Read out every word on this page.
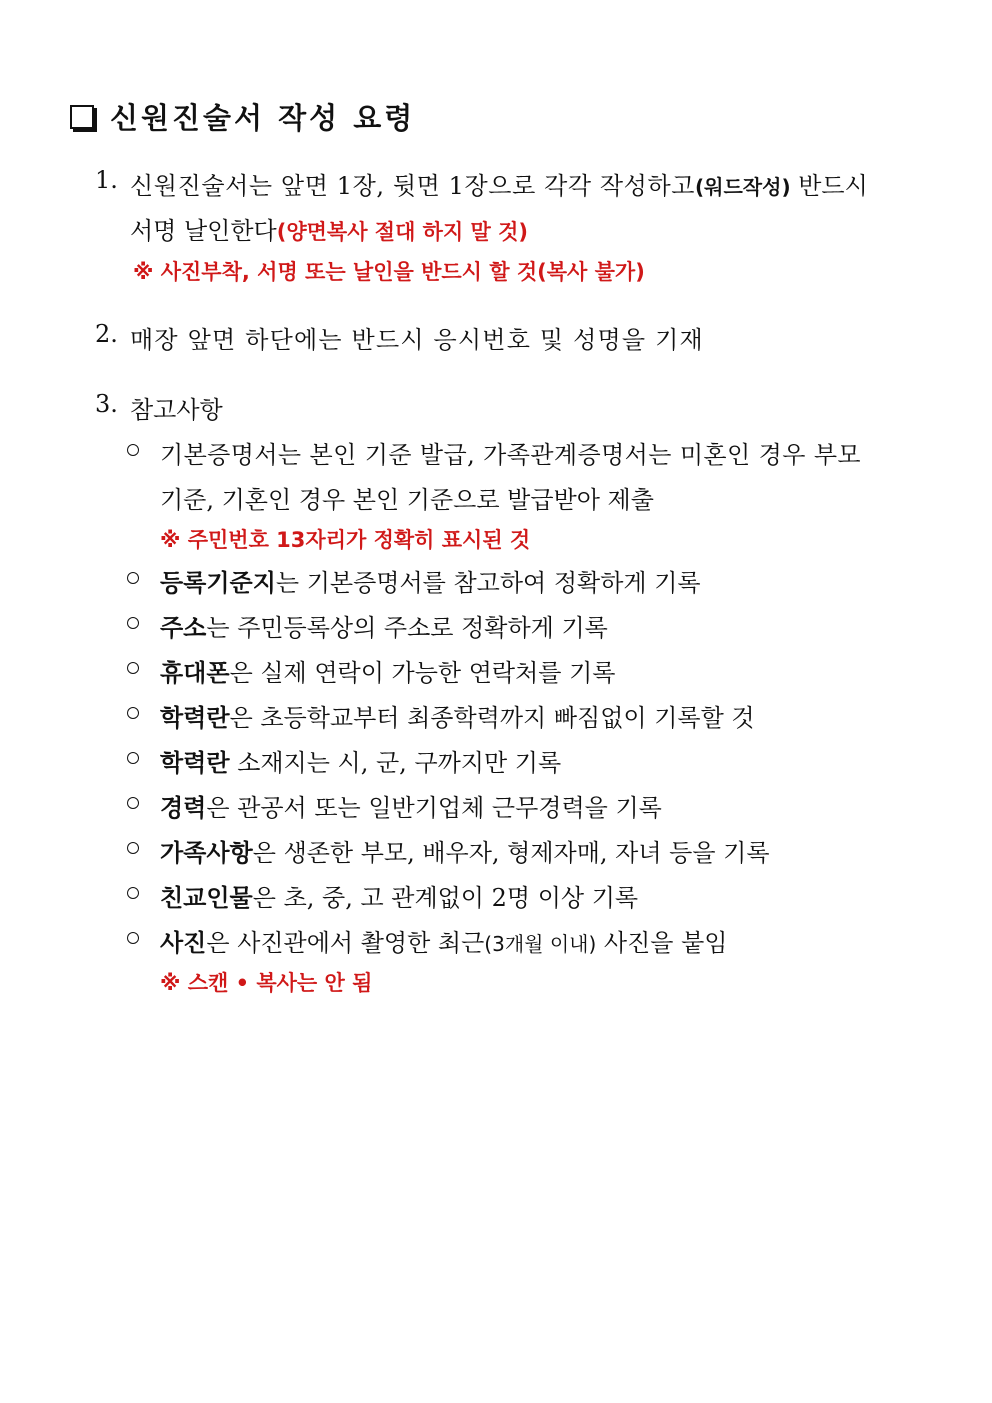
신원진술서 작성 요령
1. 신원진술서는 앞면 1장, 뒷면 1장으로 각각 작성하고(워드작성) 반드시
서명 날인한다(양면복사 절대 하지 말 것)
※ 사진부착, 서명 또는 날인을 반드시 할 것(복사 불가)
2. 매장 앞면 하단에는 반드시 응시번호 및 성명을 기재
3. 참고사항
기본증명서는 본인 기준 발급, 가족관계증명서는 미혼인 경우 부모
기준, 기혼인 경우 본인 기준으로 발급받아 제출
※ 주민번호 13자리가 정확히 표시된 것
등록기준지는 기본증명서를 참고하여 정확하게 기록
주소는 주민등록상의 주소로 정확하게 기록
휴대폰은 실제 연락이 가능한 연락처를 기록
학력란은 초등학교부터 최종학력까지 빠짐없이 기록할 것
학력란 소재지는 시, 군, 구까지만 기록
경력은 관공서 또는 일반기업체 근무경력을 기록
가족사항은 생존한 부모, 배우자, 형제자매, 자녀 등을 기록
친교인물은 초, 중, 고 관계없이 2명 이상 기록
사진은 사진관에서 촬영한 최근(3개월 이내) 사진을 붙임
※ 스캔 • 복사는 안 됨
